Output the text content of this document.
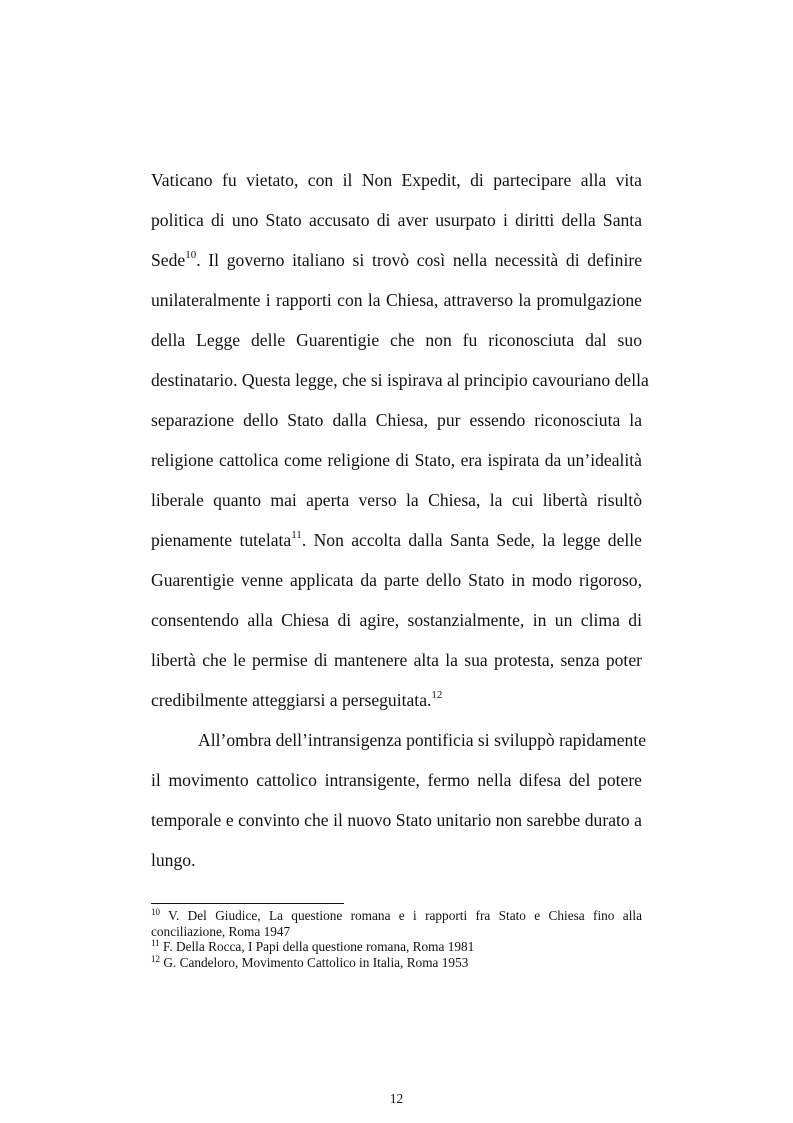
Vaticano fu vietato, con il Non Expedit, di partecipare alla vita
politica di uno Stato accusato di aver usurpato i diritti della Santa
Sede$^{10}$. Il governo italiano si trovò così nella necessità di definire
unilateralmente i rapporti con la Chiesa, attraverso la promulgazione
della Legge delle Guarentigie che non fu riconosciuta dal suo
destinatario. Questa legge, che si ispirava al principio cavouriano della
separazione dello Stato dalla Chiesa, pur essendo riconosciuta la
religione cattolica come religione di Stato, era ispirata da un’idealità
liberale quanto mai aperta verso la Chiesa, la cui libertà risultò
pienamente tutelata$^{11}$. Non accolta dalla Santa Sede, la legge delle
Guarentigie venne applicata da parte dello Stato in modo rigoroso,
consentendo alla Chiesa di agire, sostanzialmente, in un clima di
libertà che le permise di mantenere alta la sua protesta, senza poter
credibilmente atteggiarsi a perseguitata.$^{12}$
All’ombra dell’intransigenza pontificia si sviluppò rapidamente
il movimento cattolico intransigente, fermo nella difesa del potere
temporale e convinto che il nuovo Stato unitario non sarebbe durato a
lungo.
$^{10}$ V. Del Giudice, La questione romana e i rapporti fra Stato e Chiesa fino alla
conciliazione, Roma 1947
$^{11}$ F. Della Rocca, I Papi della questione romana, Roma 1981
$^{12}$ G. Candeloro, Movimento Cattolico in Italia, Roma 1953
12
